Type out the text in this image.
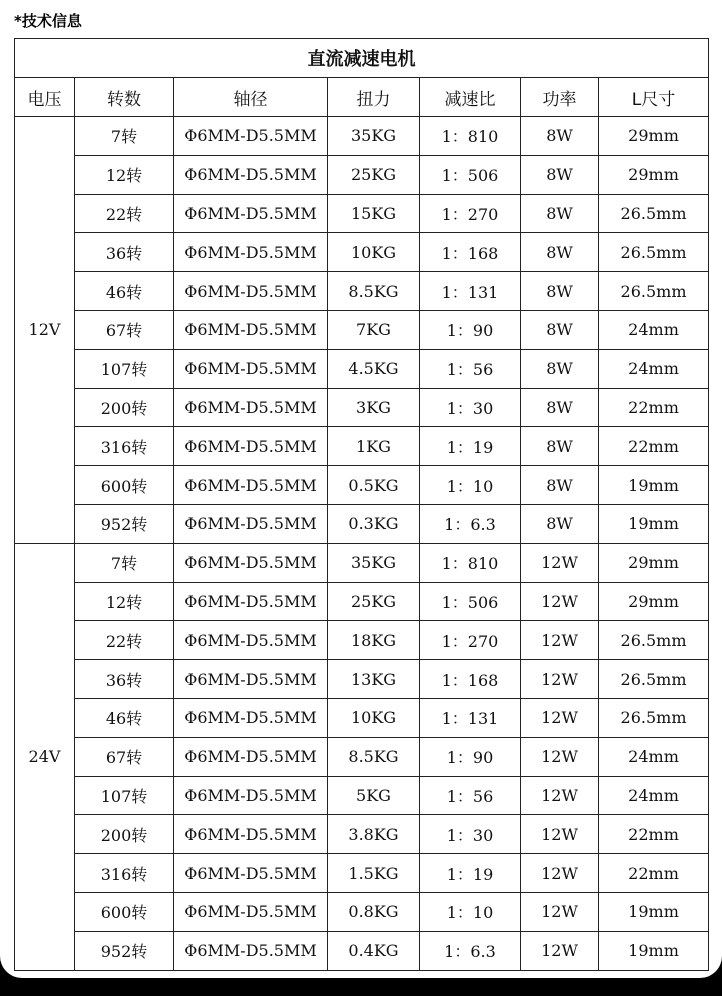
*技术信息
直流减速电机						
电压	转数	轴径	扭力	减速比	功率	L尺寸
12V	7转	Φ6MM-D5.5MM	35KG	1：810	8W	29mm
	12转	Φ6MM-D5.5MM	25KG	1：506	8W	29mm
	22转	Φ6MM-D5.5MM	15KG	1：270	8W	26.5mm
	36转	Φ6MM-D5.5MM	10KG	1：168	8W	26.5mm
	46转	Φ6MM-D5.5MM	8.5KG	1：131	8W	26.5mm
	67转	Φ6MM-D5.5MM	7KG	1：90	8W	24mm
	107转	Φ6MM-D5.5MM	4.5KG	1：56	8W	24mm
	200转	Φ6MM-D5.5MM	3KG	1：30	8W	22mm
	316转	Φ6MM-D5.5MM	1KG	1：19	8W	22mm
	600转	Φ6MM-D5.5MM	0.5KG	1：10	8W	19mm
	952转	Φ6MM-D5.5MM	0.3KG	1：6.3	8W	19mm
24V	7转	Φ6MM-D5.5MM	35KG	1：810	12W	29mm
	12转	Φ6MM-D5.5MM	25KG	1：506	12W	29mm
	22转	Φ6MM-D5.5MM	18KG	1：270	12W	26.5mm
	36转	Φ6MM-D5.5MM	13KG	1：168	12W	26.5mm
	46转	Φ6MM-D5.5MM	10KG	1：131	12W	26.5mm
	67转	Φ6MM-D5.5MM	8.5KG	1：90	12W	24mm
	107转	Φ6MM-D5.5MM	5KG	1：56	12W	24mm
	200转	Φ6MM-D5.5MM	3.8KG	1：30	12W	22mm
	316转	Φ6MM-D5.5MM	1.5KG	1：19	12W	22mm
	600转	Φ6MM-D5.5MM	0.8KG	1：10	12W	19mm
	952转	Φ6MM-D5.5MM	0.4KG	1：6.3	12W	19mm
